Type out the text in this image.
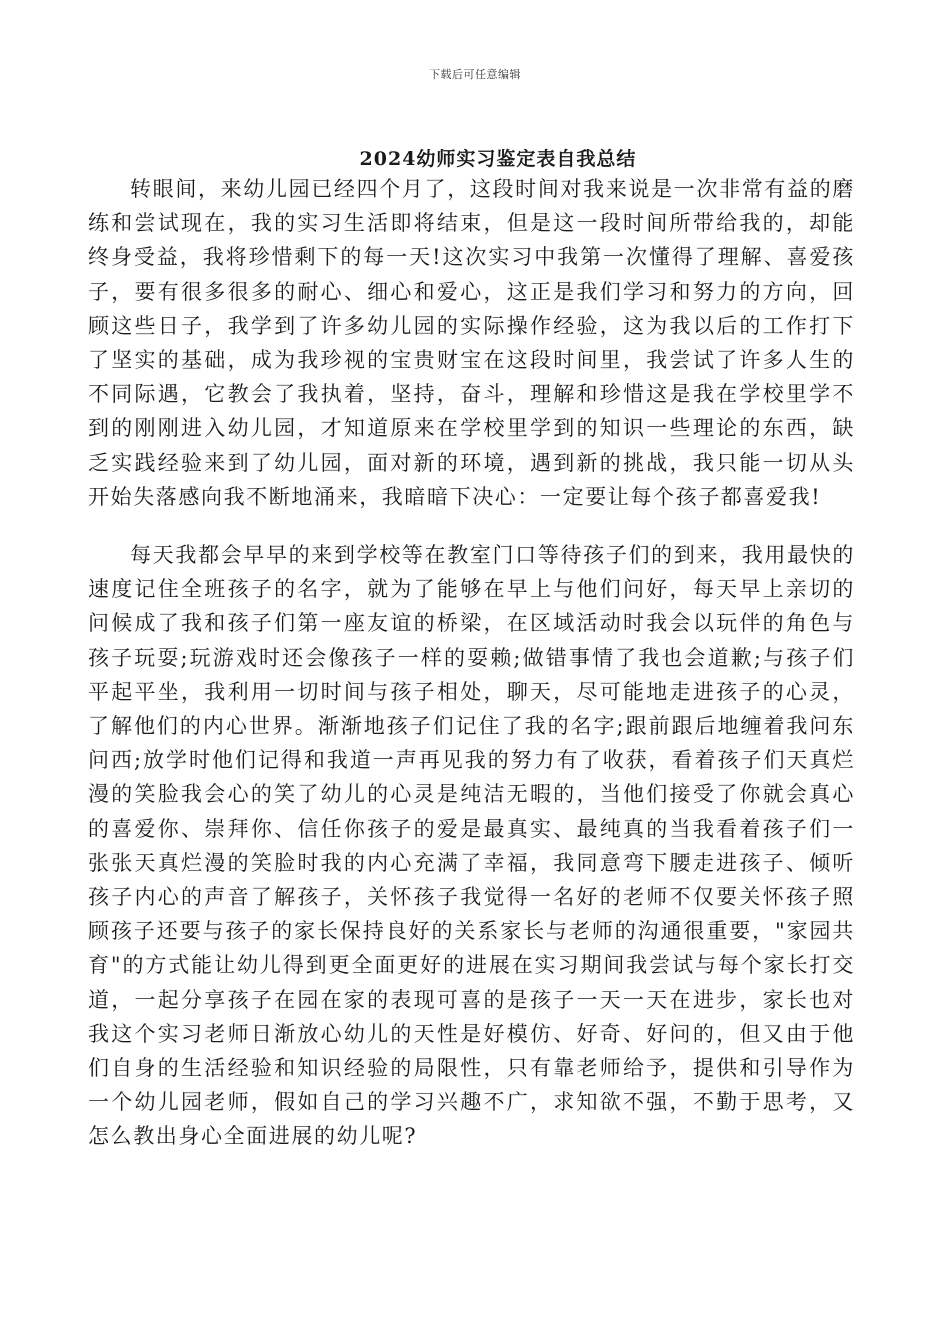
下载后可任意编辑
2024幼师实习鉴定表自我总结

转眼间，来幼儿园已经四个月了，这段时间对我来说是一次非常有益的磨练和尝试现在，我的实习生活即将结束，但是这一段时间所带给我的，却能终身受益，我将珍惜剩下的每一天!这次实习中我第一次懂得了理解、喜爱孩子，要有很多很多的耐心、细心和爱心，这正是我们学习和努力的方向，回顾这些日子，我学到了许多幼儿园的实际操作经验，这为我以后的工作打下了坚实的基础，成为我珍视的宝贵财宝在这段时间里，我尝试了许多人生的不同际遇，它教会了我执着，坚持，奋斗，理解和珍惜这是我在学校里学不到的刚刚进入幼儿园，才知道原来在学校里学到的知识一些理论的东西，缺乏实践经验来到了幼儿园，面对新的环境，遇到新的挑战，我只能一切从头开始失落感向我不断地涌来，我暗暗下决心：一定要让每个孩子都喜爱我!

每天我都会早早的来到学校等在教室门口等待孩子们的到来，我用最快的速度记住全班孩子的名字，就为了能够在早上与他们问好，每天早上亲切的问候成了我和孩子们第一座友谊的桥梁，在区域活动时我会以玩伴的角色与孩子玩耍;玩游戏时还会像孩子一样的耍赖;做错事情了我也会道歉;与孩子们平起平坐，我利用一切时间与孩子相处，聊天，尽可能地走进孩子的心灵，了解他们的内心世界。渐渐地孩子们记住了我的名字;跟前跟后地缠着我问东问西;放学时他们记得和我道一声再见我的努力有了收获，看着孩子们天真烂漫的笑脸我会心的笑了幼儿的心灵是纯洁无暇的，当他们接受了你就会真心的喜爱你、崇拜你、信任你孩子的爱是最真实、最纯真的当我看着孩子们一张张天真烂漫的笑脸时我的内心充满了幸福，我同意弯下腰走进孩子、倾听孩子内心的声音了解孩子，关怀孩子我觉得一名好的老师不仅要关怀孩子照顾孩子还要与孩子的家长保持良好的关系家长与老师的沟通很重要，"家园共育"的方式能让幼儿得到更全面更好的进展在实习期间我尝试与每个家长打交道，一起分享孩子在园在家的表现可喜的是孩子一天一天在进步，家长也对我这个实习老师日渐放心幼儿的天性是好模仿、好奇、好问的，但又由于他们自身的生活经验和知识经验的局限性，只有靠老师给予，提供和引导作为一个幼儿园老师，假如自己的学习兴趣不广，求知欲不强，不勤于思考，又怎么教出身心全面进展的幼儿呢?
